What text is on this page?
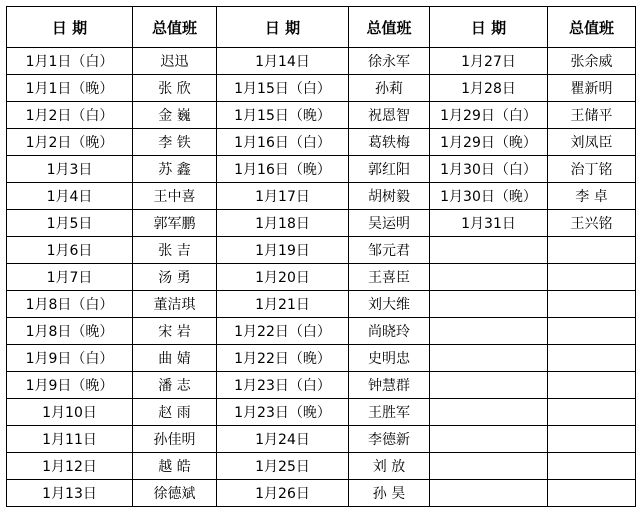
日 期	总值班	日 期	总值班	日 期	总值班
1月1日（白）	迟迅	1月14日	徐永军	1月27日	张余威
1月1日（晚）	张 欣	1月15日（白）	孙莉	1月28日	瞿新明
1月2日（白）	金 巍	1月15日（晚）	祝恩智	1月29日（白）	王储平
1月2日（晚）	李 铁	1月16日（白）	葛轶梅	1月29日（晚）	刘凤臣
1月3日	苏 鑫	1月16日（晚）	郭红阳	1月30日（白）	治丁铭
1月4日	王中喜	1月17日	胡树毅	1月30日（晚）	李 卓
1月5日	郭军鹏	1月18日	吴运明	1月31日	王兴铭
1月6日	张 吉	1月19日	邹元君		
1月7日	汤 勇	1月20日	王喜臣		
1月8日（白）	董洁琪	1月21日	刘大维		
1月8日（晚）	宋 岩	1月22日（白）	尚晓玲		
1月9日（白）	曲 婧	1月22日（晚）	史明忠		
1月9日（晚）	潘 志	1月23日（白）	钟慧群		
1月10日	赵 雨	1月23日（晚）	王胜军		
1月11日	孙佳明	1月24日	李德新		
1月12日	越 皓	1月25日	刘 放		
1月13日	徐德斌	1月26日	孙 昊		
